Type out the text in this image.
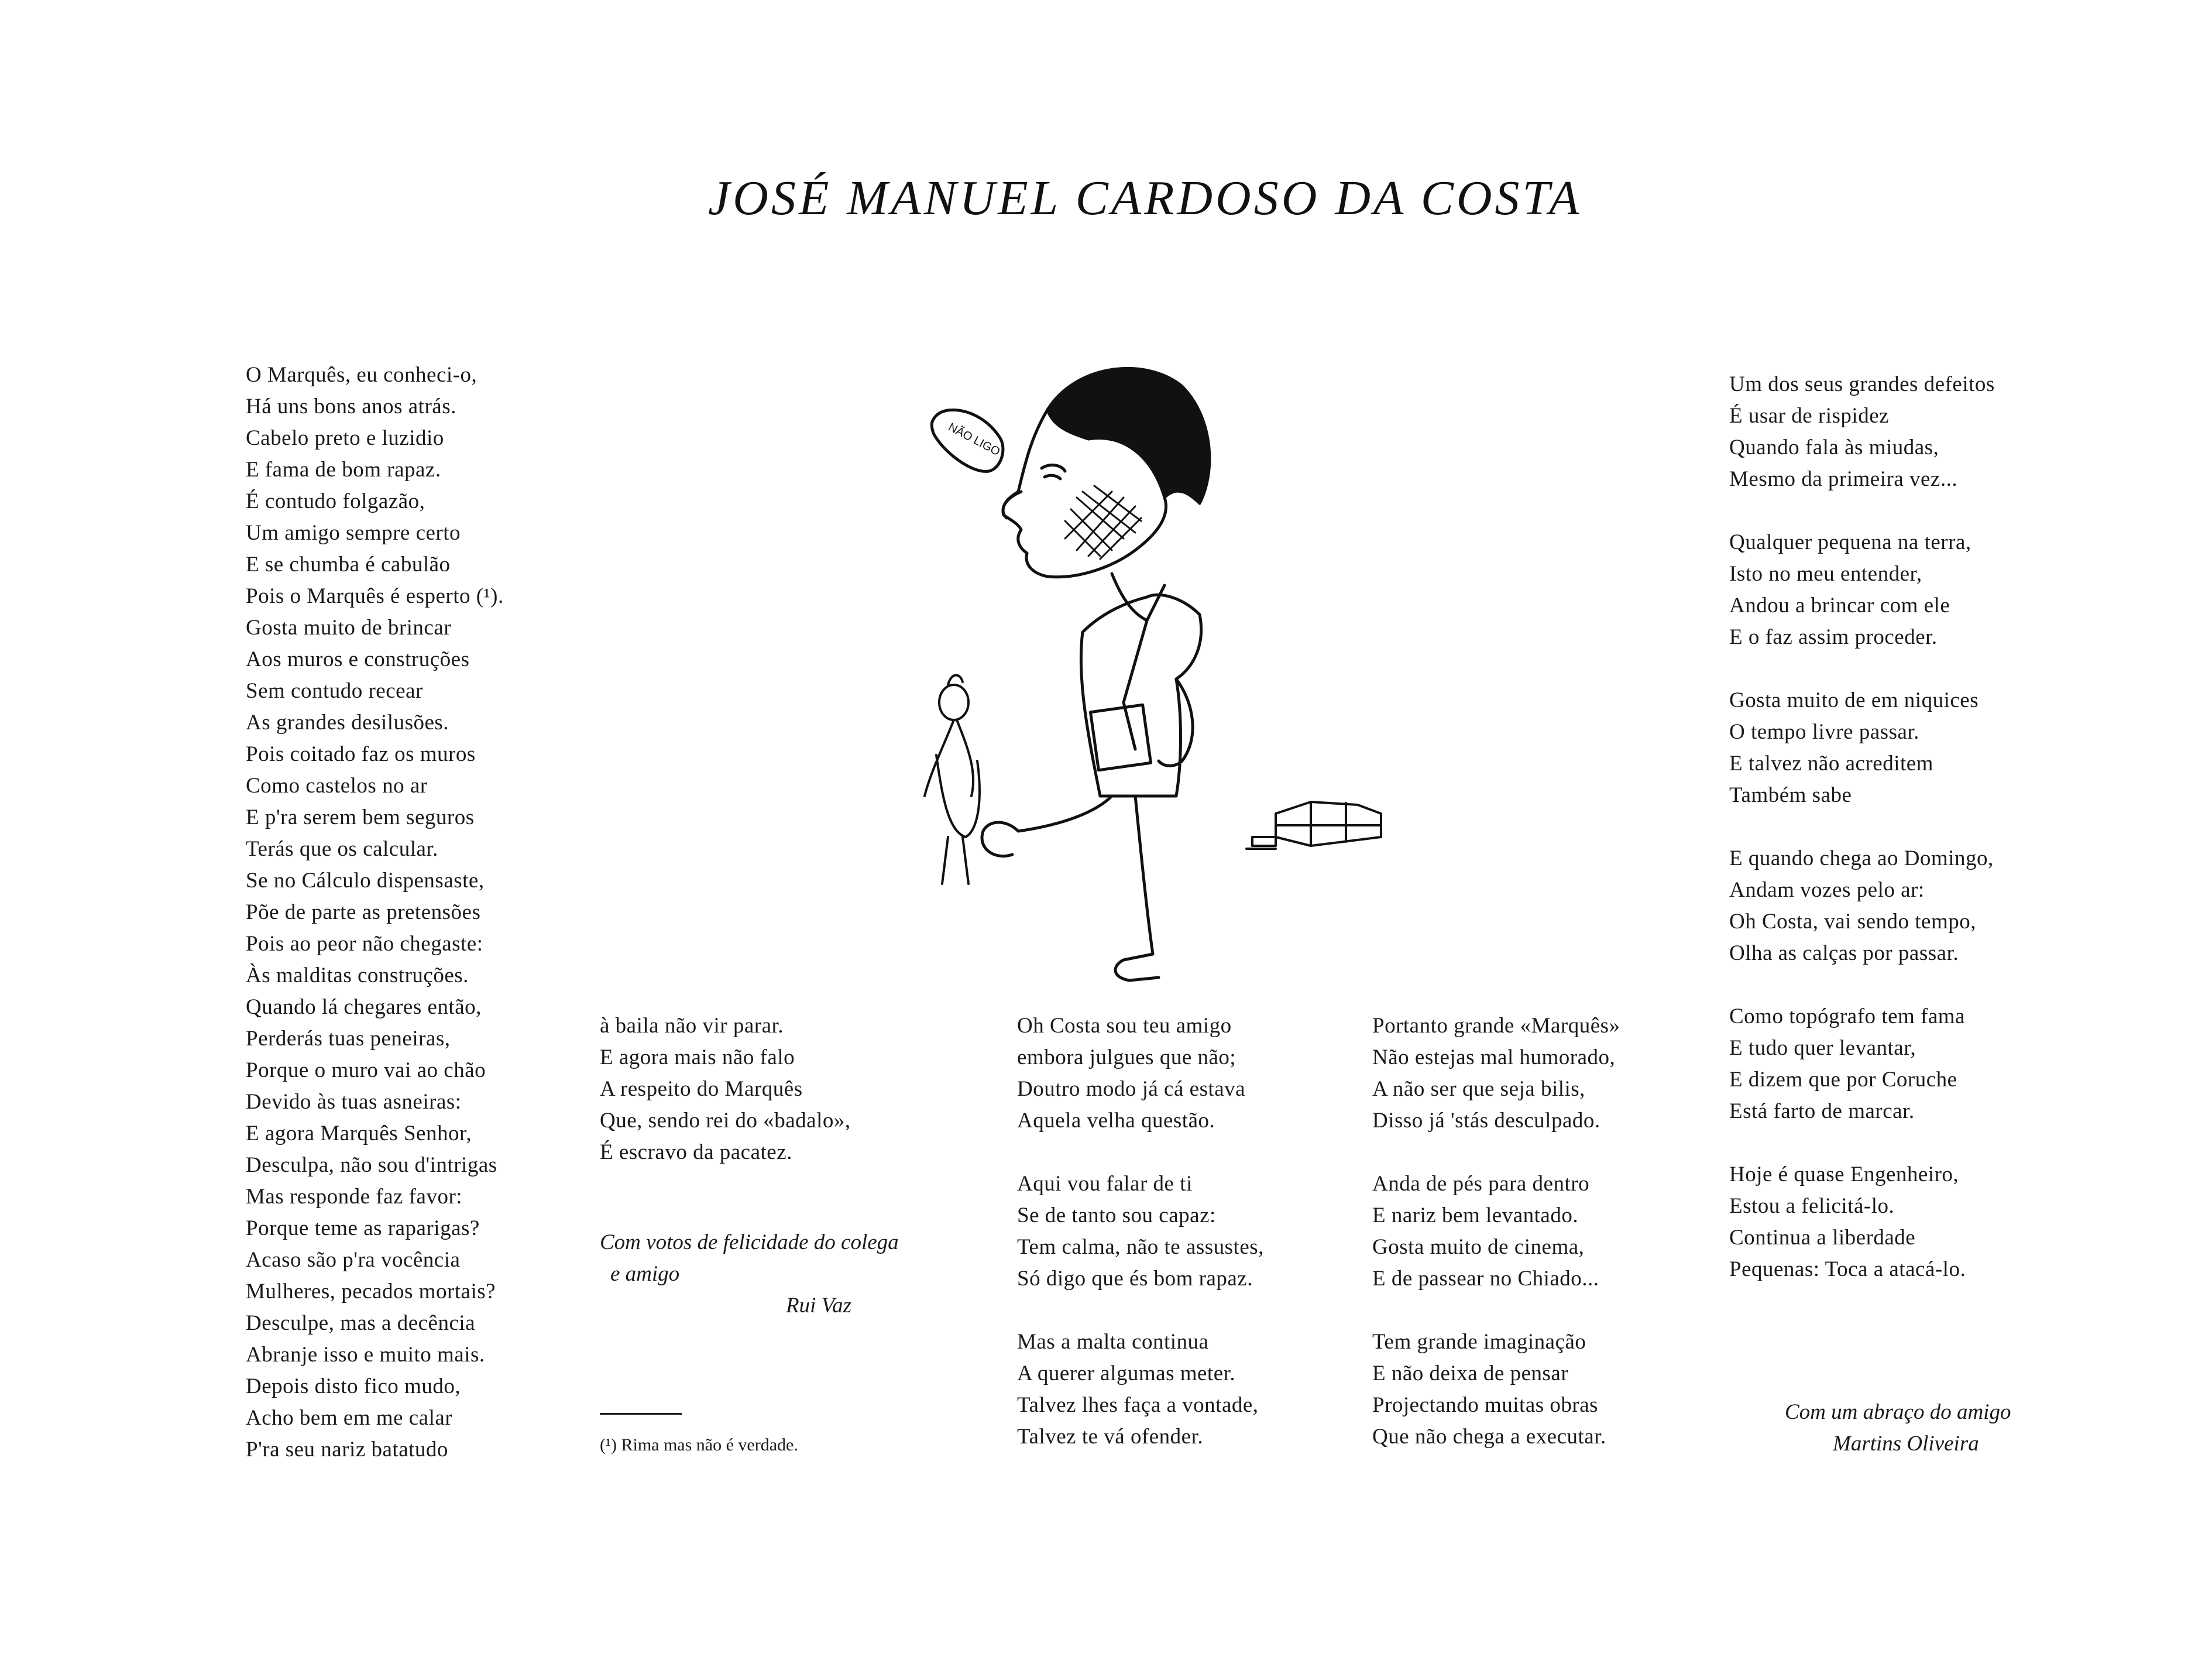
JOSÉ MANUEL CARDOSO DA COSTA
O Marquês, eu conheci-o,
Há uns bons anos atrás.
Cabelo preto e luzidio
E fama de bom rapaz.
É contudo folgazão,
Um amigo sempre certo
E se chumba é cabulão
Pois o Marquês é esperto (¹).
Gosta muito de brincar
Aos muros e construções
Sem contudo recear
As grandes desilusões.
Pois coitado faz os muros
Como castelos no ar
E p'ra serem bem seguros
Terás que os calcular.
Se no Cálculo dispensaste,
Põe de parte as pretensões
Pois ao peor não chegaste:
Às malditas construções.
Quando lá chegares então,
Perderás tuas peneiras,
Porque o muro vai ao chão
Devido às tuas asneiras:
E agora Marquês Senhor,
Desculpa, não sou d'intrigas
Mas responde faz favor:
Porque teme as raparigas?
Acaso são p'ra vocência
Mulheres, pecados mortais?
Desculpe, mas a decência
Abranje isso e muito mais.
Depois disto fico mudo,
Acho bem em me calar
P'ra seu nariz batatudo
à baila não vir parar.
E agora mais não falo
A respeito do Marquês
Que, sendo rei do «badalo»,
É escravo da pacatez.
Com votos de felicidade do colega
e amigo
Rui Vaz
(¹) Rima mas não é verdade.
Oh Costa sou teu amigo
embora julgues que não;
Doutro modo já cá estava
Aquela velha questão.
Aqui vou falar de ti
Se de tanto sou capaz:
Tem calma, não te assustes,
Só digo que és bom rapaz.
Mas a malta continua
A querer algumas meter.
Talvez lhes faça a vontade,
Talvez te vá ofender.
Portanto grande «Marquês»
Não estejas mal humorado,
A não ser que seja bilis,
Disso já 'stás desculpado.
Anda de pés para dentro
E nariz bem levantado.
Gosta muito de cinema,
E de passear no Chiado...
Tem grande imaginação
E não deixa de pensar
Projectando muitas obras
Que não chega a executar.
Um dos seus grandes defeitos
É usar de rispidez
Quando fala às miudas,
Mesmo da primeira vez...
Qualquer pequena na terra,
Isto no meu entender,
Andou a brincar com ele
E o faz assim proceder.
Gosta muito de em niquices
O tempo livre passar.
E talvez não acreditem
Também sabe
E quando chega ao Domingo,
Andam vozes pelo ar:
Oh Costa, vai sendo tempo,
Olha as calças por passar.
Como topógrafo tem fama
E tudo quer levantar,
E dizem que por Coruche
Está farto de marcar.
Hoje é quase Engenheiro,
Estou a felicitá-lo.
Continua a liberdade
Pequenas: Toca a atacá-lo.
Com um abraço do amigo
Martins Oliveira
NÃO LIGO
